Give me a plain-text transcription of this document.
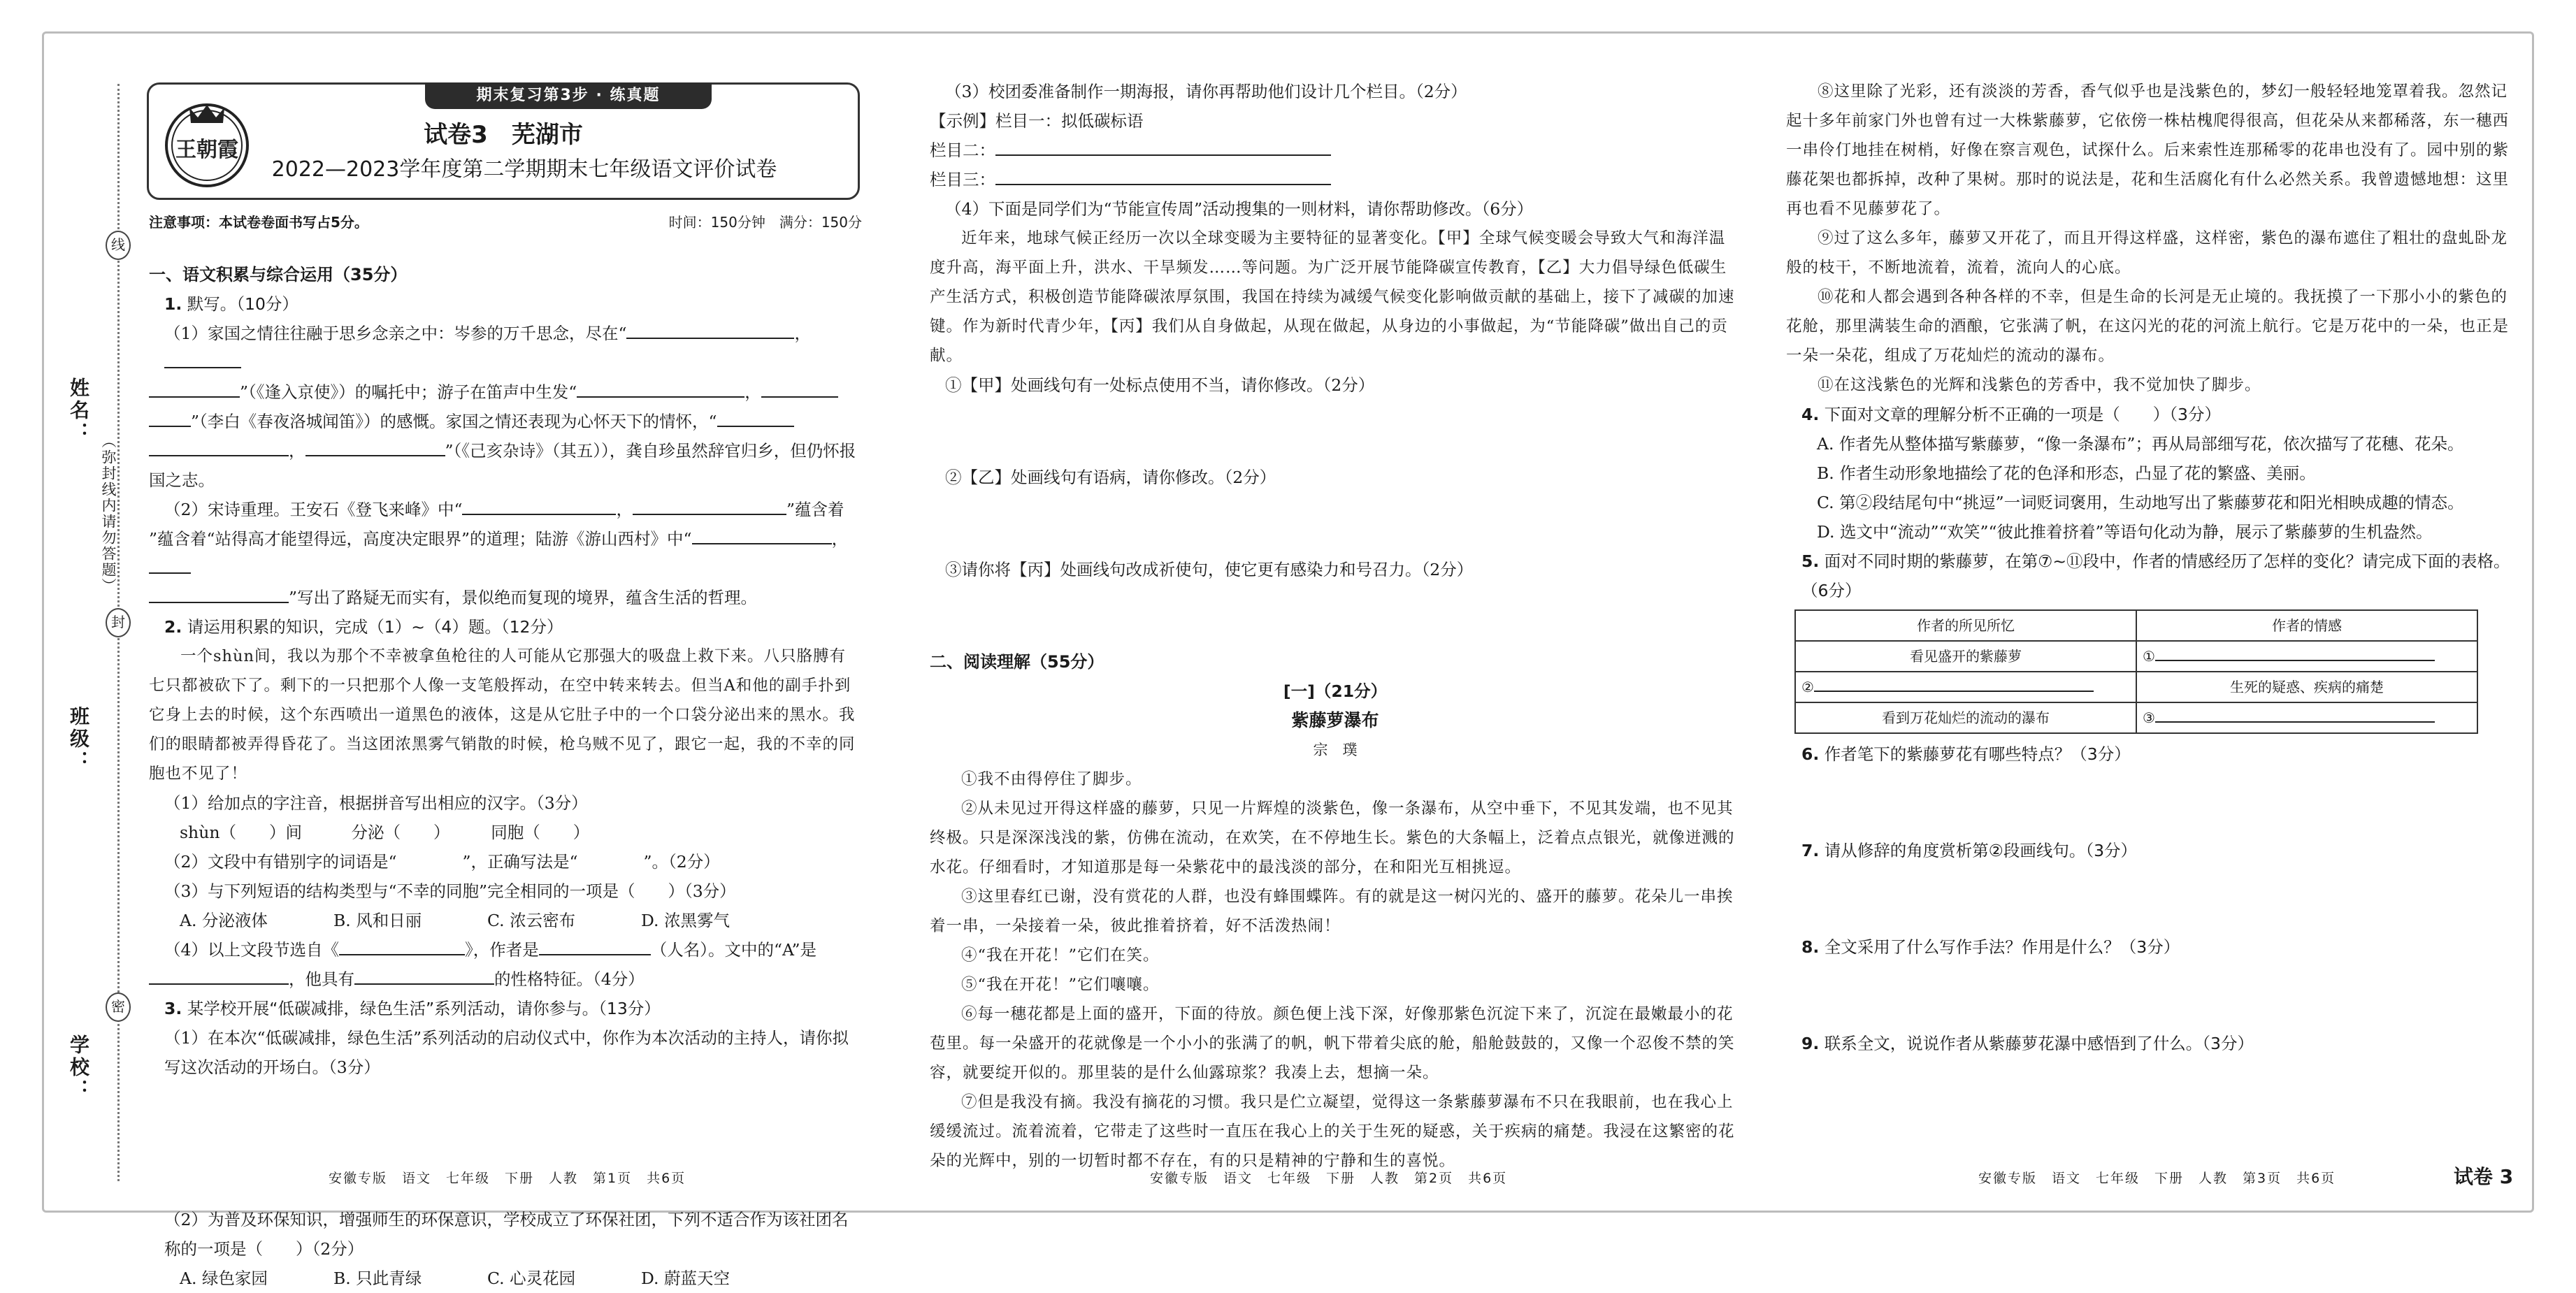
姓名：
班级：
学校：
（弥封线内请勿答题）
线
封
密
期末复习第3步 · 练真题
王朝霞
试卷3　芜湖市
2022—2023学年度第二学期期末七年级语文评价试卷
注意事项：本试卷卷面书写占5分。	时间：150分钟　满分：150分

一、语文积累与综合运用（35分）

1. 默写。（10分）

（1）家国之情往往融于思乡念亲之中：岑参的万千思念，尽在“	，

”（《逢入京使》）的嘱托中；游子在笛声中生发“	，

”（李白《春夜洛城闻笛》）的感慨。家国之情还表现为心怀天下的情怀，“

，	”（《己亥杂诗》（其五）），龚自珍虽然辞官归乡，但仍怀报国之志。

（2）宋诗重理。王安石《登飞来峰》中“	，	”蕴含着

”蕴含着“站得高才能望得远，高度决定眼界”的道理；陆游《游山西村》中“	，

”写出了路疑无而实有，景似绝而复现的境界，蕴含生活的哲理。

2. 请运用积累的知识，完成（1）~（4）题。（12分）

一个shùn间，我以为那个不幸被拿鱼枪往的人可能从它那强大的吸盘上救下来。八只胳膊有七只都被砍下了。剩下的一只把那个人像一支笔般挥动，在空中转来转去。但当A和他的副手扑到它身上去的时候，这个东西喷出一道黑色的液体，这是从它肚子中的一个口袋分泌出来的黑水。我们的眼睛都被弄得昏花了。当这团浓黑雾气销散的时候，枪乌贼不见了，跟它一起，我的不幸的同胞也不见了！

（1）给加点的字注音，根据拼音写出相应的汉字。（3分）

shùn（　　）间　　　分泌（　　）　　　同胞（　　）

（2）文段中有错别字的词语是“　　　　”，正确写法是“　　　　”。（2分）

（3）与下列短语的结构类型与“不幸的同胞”完全相同的一项是（　　）（3分）

A. 分泌液体	B. 风和日丽	C. 浓云密布	D. 浓黑雾气

（4）以上文段节选自《	》，作者是	（人名）。文中的“A”是

，他具有	的性格特征。（4分）

3. 某学校开展“低碳减排，绿色生活”系列活动，请你参与。（13分）

（1）在本次“低碳减排，绿色生活”系列活动的启动仪式中，你作为本次活动的主持人，请你拟写这次活动的开场白。（3分）

（2）为普及环保知识，增强师生的环保意识，学校成立了环保社团，下列不适合作为该社团名称的一项是（　　）（2分）

A. 绿色家园	B. 只此青绿	C. 心灵花园	D. 蔚蓝天空

安徽专版　语文　七年级　下册　人教　第1页　共6页

（3）校团委准备制作一期海报，请你再帮助他们设计几个栏目。（2分）

【示例】栏目一：拟低碳标语

栏目二：

栏目三：

（4）下面是同学们为“节能宣传周”活动搜集的一则材料，请你帮助修改。（6分）

近年来，地球气候正经历一次以全球变暖为主要特征的显著变化。【甲】全球气候变暖会导致大气和海洋温度升高，海平面上升，洪水、干旱频发……等问题。为广泛开展节能降碳宣传教育，【乙】大力倡导绿色低碳生产生活方式，积极创造节能降碳浓厚氛围，我国在持续为减缓气候变化影响做贡献的基础上，接下了减碳的加速键。作为新时代青少年，【丙】我们从自身做起，从现在做起，从身边的小事做起，为“节能降碳”做出自己的贡献。

①【甲】处画线句有一处标点使用不当，请你修改。（2分）

②【乙】处画线句有语病，请你修改。（2分）

③请你将【丙】处画线句改成祈使句，使它更有感染力和号召力。（2分）

二、阅读理解（55分）

[一]（21分）

紫藤萝瀑布

宗　璞

①我不由得停住了脚步。

②从未见过开得这样盛的藤萝，只见一片辉煌的淡紫色，像一条瀑布，从空中垂下，不见其发端，也不见其终极。只是深深浅浅的紫，仿佛在流动，在欢笑，在不停地生长。紫色的大条幅上，泛着点点银光，就像迸溅的水花。仔细看时，才知道那是每一朵紫花中的最浅淡的部分，在和阳光互相挑逗。

③这里春红已谢，没有赏花的人群，也没有蜂围蝶阵。有的就是这一树闪光的、盛开的藤萝。花朵儿一串挨着一串，一朵接着一朵，彼此推着挤着，好不活泼热闹！

④“我在开花！”它们在笑。

⑤“我在开花！”它们嚷嚷。

⑥每一穗花都是上面的盛开，下面的待放。颜色便上浅下深，好像那紫色沉淀下来了，沉淀在最嫩最小的花苞里。每一朵盛开的花就像是一个小小的张满了的帆，帆下带着尖底的舱，船舱鼓鼓的，又像一个忍俊不禁的笑容，就要绽开似的。那里装的是什么仙露琼浆？我凑上去，想摘一朵。

⑦但是我没有摘。我没有摘花的习惯。我只是伫立凝望，觉得这一条紫藤萝瀑布不只在我眼前，也在我心上缓缓流过。流着流着，它带走了这些时一直压在我心上的关于生死的疑惑，关于疾病的痛楚。我浸在这繁密的花朵的光辉中，别的一切暂时都不存在，有的只是精神的宁静和生的喜悦。

安徽专版　语文　七年级　下册　人教　第2页　共6页

⑧这里除了光彩，还有淡淡的芳香，香气似乎也是浅紫色的，梦幻一般轻轻地笼罩着我。忽然记起十多年前家门外也曾有过一大株紫藤萝，它依傍一株枯槐爬得很高，但花朵从来都稀落，东一穗西一串伶仃地挂在树梢，好像在察言观色，试探什么。后来索性连那稀零的花串也没有了。园中别的紫藤花架也都拆掉，改种了果树。那时的说法是，花和生活腐化有什么必然关系。我曾遗憾地想：这里再也看不见藤萝花了。

⑨过了这么多年，藤萝又开花了，而且开得这样盛，这样密，紫色的瀑布遮住了粗壮的盘虬卧龙般的枝干，不断地流着，流着，流向人的心底。

⑩花和人都会遇到各种各样的不幸，但是生命的长河是无止境的。我抚摸了一下那小小的紫色的花舱，那里满装生命的酒酿，它张满了帆，在这闪光的花的河流上航行。它是万花中的一朵，也正是一朵一朵花，组成了万花灿烂的流动的瀑布。

⑪在这浅紫色的光辉和浅紫色的芳香中，我不觉加快了脚步。

4. 下面对文章的理解分析不正确的一项是（　　）（3分）

A. 作者先从整体描写紫藤萝，“像一条瀑布”；再从局部细写花，依次描写了花穗、花朵。

B. 作者生动形象地描绘了花的色泽和形态，凸显了花的繁盛、美丽。

C. 第②段结尾句中“挑逗”一词贬词褒用，生动地写出了紫藤萝花和阳光相映成趣的情态。

D. 选文中“流动”“欢笑”“彼此推着挤着”等语句化动为静，展示了紫藤萝的生机盎然。

5. 面对不同时期的紫藤萝，在第⑦~⑪段中，作者的情感经历了怎样的变化？请完成下面的表格。（6分）

作者的所见所忆	作者的情感
看见盛开的紫藤萝	①
②	生死的疑惑、疾病的痛楚
看到万花灿烂的流动的瀑布	③

6. 作者笔下的紫藤萝花有哪些特点？（3分）

7. 请从修辞的角度赏析第②段画线句。（3分）

8. 全文采用了什么写作手法？作用是什么？（3分）

9. 联系全文，说说作者从紫藤萝花瀑中感悟到了什么。（3分）

安徽专版　语文　七年级　下册　人教　第3页　共6页	试卷 3
